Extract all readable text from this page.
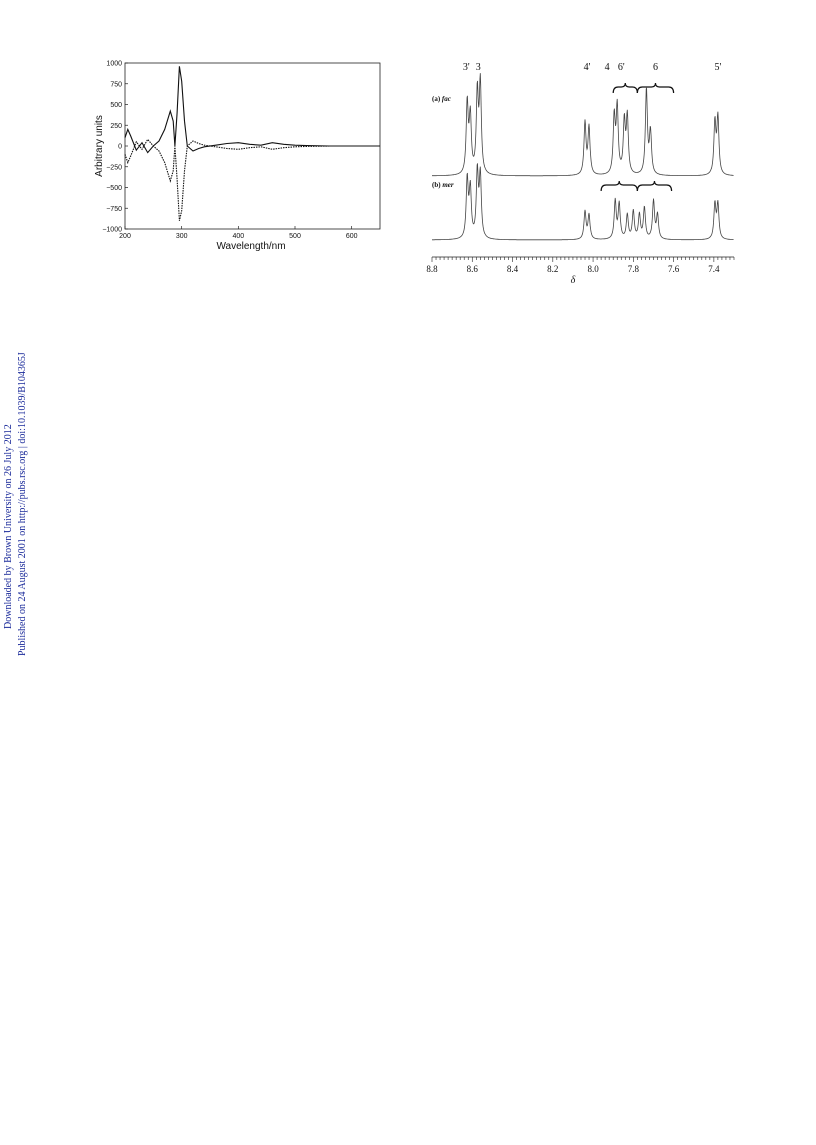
200	300	400	500	600
1000
750
500
250
0
−250
−500
−750
−1000
Wavelength/nm
Arbitrary units
3' 3	4' 4 6'	6	5'
(a) fac
(b) mer
8.8	8.6	8.4	8.2	8.0	7.8	7.6	7.4
δ
Downloaded by Brown University on 26 July 2012 Published on 24 August 2001 on http://pubs.rsc.org | doi:10.1039/B104365J
